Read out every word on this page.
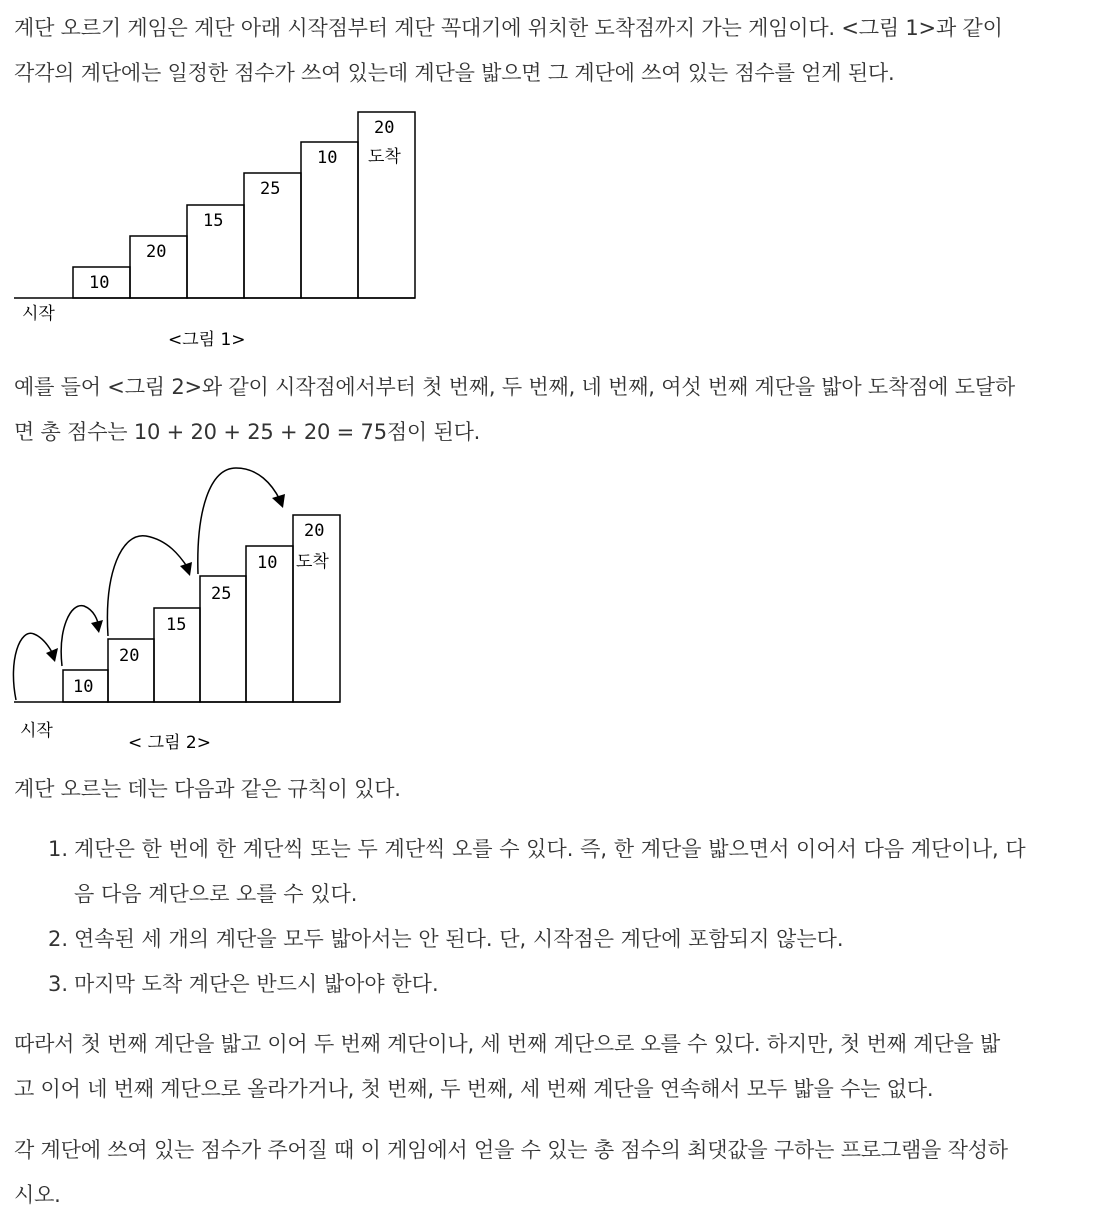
계단 오르기 게임은 계단 아래 시작점부터 계단 꼭대기에 위치한 도착점까지 가는 게임이다. <그림 1>과 같이
각각의 계단에는 일정한 점수가 쓰여 있는데 계단을 밟으면 그 계단에 쓰여 있는 점수를 얻게 된다.
10
20
15
25
10
20
도착
시작
<그림 1>
예를 들어 <그림 2>와 같이 시작점에서부터 첫 번째, 두 번째, 네 번째, 여섯 번째 계단을 밟아 도착점에 도달하
면 총 점수는 10 + 20 + 25 + 20 = 75점이 된다.
10
20
15
25
10
20
도착
시작
< 그림 2>
계단 오르는 데는 다음과 같은 규칙이 있다.
1. 계단은 한 번에 한 계단씩 또는 두 계단씩 오를 수 있다. 즉, 한 계단을 밟으면서 이어서 다음 계단이나, 다
음 다음 계단으로 오를 수 있다.
2. 연속된 세 개의 계단을 모두 밟아서는 안 된다. 단, 시작점은 계단에 포함되지 않는다.
3. 마지막 도착 계단은 반드시 밟아야 한다.
따라서 첫 번째 계단을 밟고 이어 두 번째 계단이나, 세 번째 계단으로 오를 수 있다. 하지만, 첫 번째 계단을 밟
고 이어 네 번째 계단으로 올라가거나, 첫 번째, 두 번째, 세 번째 계단을 연속해서 모두 밟을 수는 없다.
각 계단에 쓰여 있는 점수가 주어질 때 이 게임에서 얻을 수 있는 총 점수의 최댓값을 구하는 프로그램을 작성하
시오.
